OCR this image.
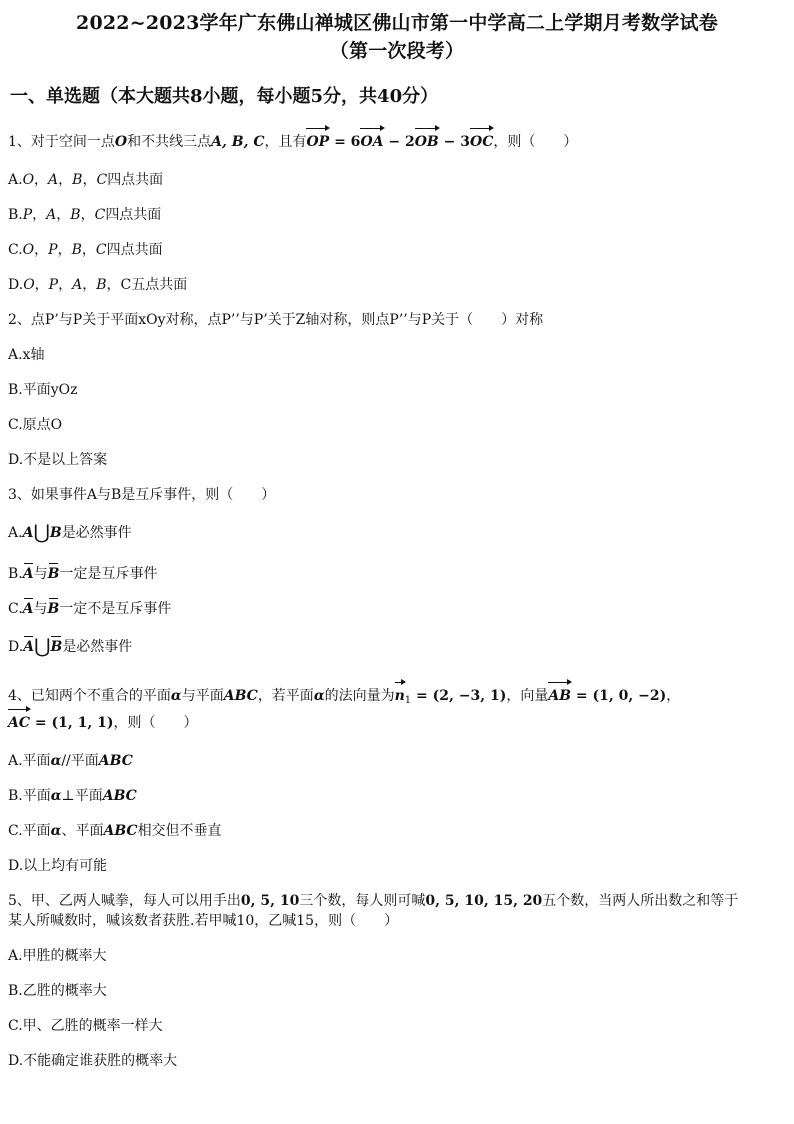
2022~2023学年广东佛山禅城区佛山市第一中学高二上学期月考数学试卷
（第一次段考）
一、单选题（本大题共8小题，每小题5分，共40分）
1、对于空间一点O和不共线三点A, B, C，且有OP = 6OA − 2OB − 3OC，则（　　）
A.O，A，B，C四点共面
B.P，A，B，C四点共面
C.O，P，B，C四点共面
D.O，P，A，B，C五点共面
2、点P’与P关于平面xOy对称，点P’’与P’关于Z轴对称，则点P’’与P关于（　　）对称
A.x轴
B.平面yOz
C.原点O
D.不是以上答案
3、如果事件A与B是互斥事件，则（　　）
A.A⋃B是必然事件
B.A与B一定是互斥事件
C.A与B一定不是互斥事件
D.A⋃B是必然事件
4、已知两个不重合的平面α与平面ABC，若平面α的法向量为$n_1 = (2$, −3, 1)，向量AB = (1, 0, −2)，
AC = (1, 1, 1)，则（　　）
A.平面α//平面ABC
B.平面α⊥平面ABC
C.平面α、平面ABC相交但不垂直
D.以上均有可能
5、甲、乙两人喊拳，每人可以用手出0, 5, 10三个数，每人则可喊0, 5, 10, 15, 20五个数，当两人所出数之和等于
某人所喊数时，喊该数者获胜.若甲喊10，乙喊15，则（　　）
A.甲胜的概率大
B.乙胜的概率大
C.甲、乙胜的概率一样大
D.不能确定谁获胜的概率大
